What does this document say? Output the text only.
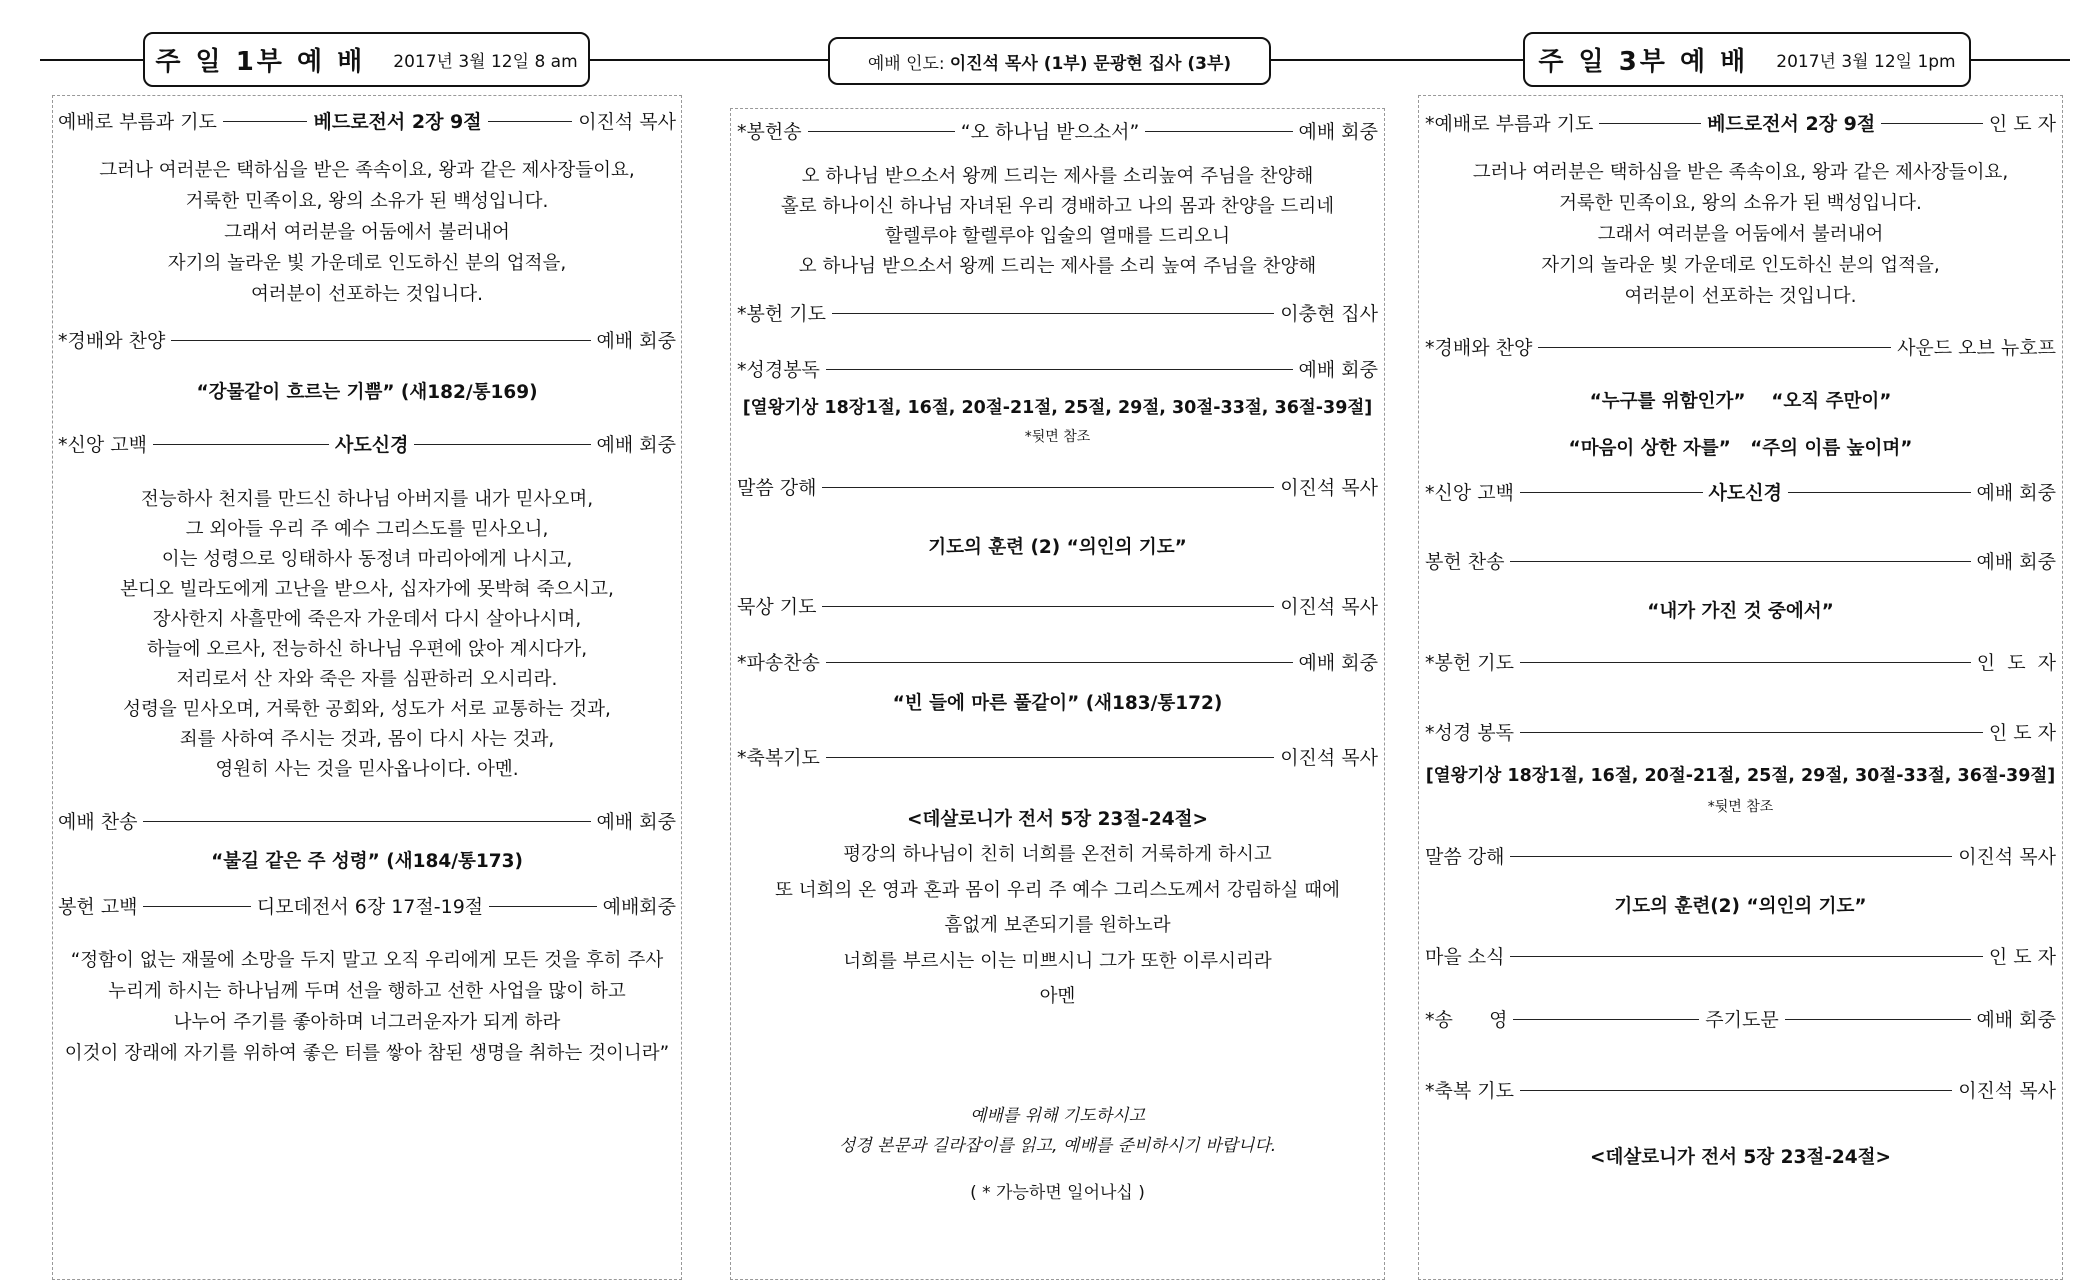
주 일 1부 예 배 2017년 3월 12일 8 am	예배 인도:
이진석 목사 (1부) 문광현 집사 (3부)	주 일 3부 예 배 2017년 3월 12일 1pm
예배로 부름과 기도	베드로전서 2장 9절	이진석 목사
그러나 여러분은 택하심을 받은 족속이요, 왕과 같은 제사장들이요,
거룩한 민족이요, 왕의 소유가 된 백성입니다.
그래서 여러분을 어둠에서 불러내어
자기의 놀라운 빛 가운데로 인도하신 분의 업적을,
여러분이 선포하는 것입니다.
*경배와 찬양	예배 회중
“강물같이 흐르는 기쁨” (새182/통169)
*신앙 고백	사도신경	예배 회중
전능하사 천지를 만드신 하나님 아버지를 내가 믿사오며,
그 외아들 우리 주 예수 그리스도를 믿사오니,
이는 성령으로 잉태하사 동정녀 마리아에게 나시고,
본디오 빌라도에게 고난을 받으사, 십자가에 못박혀 죽으시고,
장사한지 사흘만에 죽은자 가운데서 다시 살아나시며,
하늘에 오르사, 전능하신 하나님 우편에 앉아 계시다가,
저리로서 산 자와 죽은 자를 심판하러 오시리라.
성령을 믿사오며, 거룩한 공회와, 성도가 서로 교통하는 것과,
죄를 사하여 주시는 것과, 몸이 다시 사는 것과,
영원히 사는 것을 믿사옵나이다. 아멘.
예배 찬송	예배 회중
“불길 같은 주 성령” (새184/통173)
봉헌 고백	디모데전서 6장 17절-19절	예배회중
“정함이 없는 재물에 소망을 두지 말고 오직 우리에게 모든 것을 후히 주사
누리게 하시는 하나님께 두며 선을 행하고 선한 사업을 많이 하고
나누어 주기를 좋아하며 너그러운자가 되게 하라
이것이 장래에 자기를 위하여 좋은 터를 쌓아 참된 생명을 취하는 것이니라”
*봉헌송	“오 하나님 받으소서”	예배 회중
오 하나님 받으소서 왕께 드리는 제사를 소리높여 주님을 찬양해
홀로 하나이신 하나님 자녀된 우리 경배하고 나의 몸과 찬양을 드리네
할렐루야 할렐루야 입술의 열매를 드리오니
오 하나님 받으소서 왕께 드리는 제사를 소리 높여 주님을 찬양해
*봉헌 기도	이충현 집사
*성경봉독	예배 회중
[열왕기상 18장1절, 16절, 20절-21절, 25절, 29절, 30절-33절, 36절-39절]
*뒷면 참조
말씀 강해	이진석 목사
기도의 훈련 (2) “의인의 기도”
묵상 기도	이진석 목사
*파송찬송	예배 회중
“빈 들에 마른 풀같이” (새183/통172)
*축복기도	이진석 목사
<데살로니가 전서 5장 23절-24절>
평강의 하나님이 친히 너희를 온전히 거룩하게 하시고
또 너희의 온 영과 혼과 몸이 우리 주 예수 그리스도께서 강림하실 때에
흠없게 보존되기를 원하노라
너희를 부르시는 이는 미쁘시니 그가 또한 이루시리라
아멘
예배를 위해 기도하시고
성경 본문과 길라잡이를 읽고, 예배를 준비하시기 바랍니다.
( * 가능하면 일어나십 )
*예배로 부름과 기도	베드로전서 2장 9절	인 도 자
그러나 여러분은 택하심을 받은 족속이요, 왕과 같은 제사장들이요,
거룩한 민족이요, 왕의 소유가 된 백성입니다.
그래서 여러분을 어둠에서 불러내어
자기의 놀라운 빛 가운데로 인도하신 분의 업적을,
여러분이 선포하는 것입니다.
*경배와 찬양	사운드 오브 뉴호프
“누구를 위함인가”    “오직 주만이”
“마음이 상한 자를”   “주의 이름 높이며”
*신앙 고백	사도신경	예배 회중
봉헌 찬송	예배 회중
“내가 가진 것 중에서”
*봉헌 기도	인  도  자
*성경 봉독	인 도 자
[열왕기상 18장1절, 16절, 20절-21절, 25절, 29절, 30절-33절, 36절-39절]
*뒷면 참조
말씀 강해	이진석 목사
기도의 훈련(2) “의인의 기도”
마을 소식	인 도 자
*송      영	주기도문	예배 회중
*축복 기도	이진석 목사
<데살로니가 전서 5장 23절-24절>
